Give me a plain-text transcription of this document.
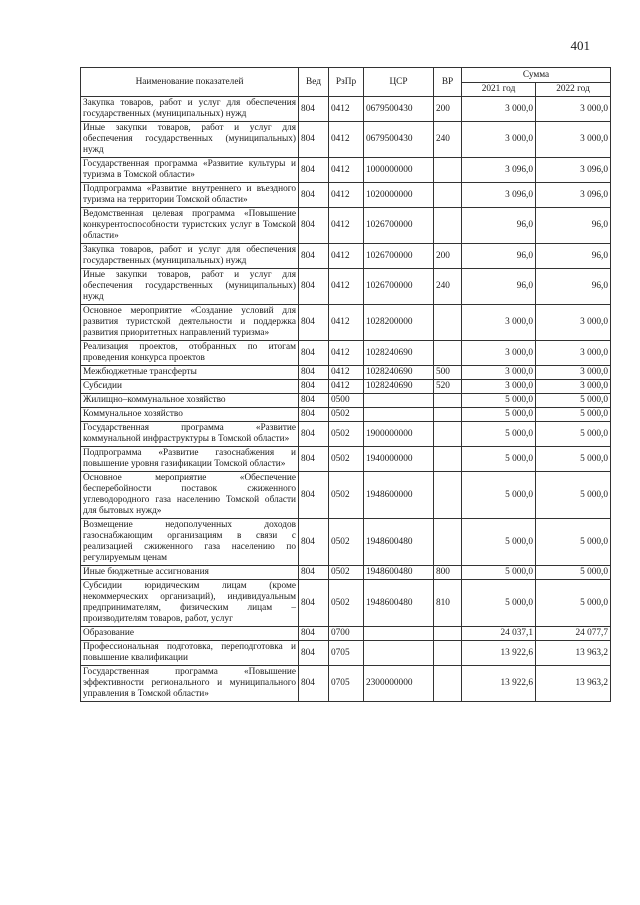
401
Наименование показателей	Вед	РзПр	ЦСР	ВР	Сумма	
					2021 год	2022 год
Закупка товаров, работ и услуг для обеспечения государственных (муниципальных) нужд	804	0412	0679500430	200	3 000,0	3 000,0
Иные закупки товаров, работ и услуг для обеспечения государственных (муниципальных) нужд	804	0412	0679500430	240	3 000,0	3 000,0
Государственная программа «Развитие культуры и туризма в Томской области»	804	0412	1000000000		3 096,0	3 096,0
Подпрограмма «Развитие внутреннего и въездного туризма на территории Томской области»	804	0412	1020000000		3 096,0	3 096,0
Ведомственная целевая программа «Повышение конкурентоспособности туристских услуг в Томской области»	804	0412	1026700000		96,0	96,0
Закупка товаров, работ и услуг для обеспечения государственных (муниципальных) нужд	804	0412	1026700000	200	96,0	96,0
Иные закупки товаров, работ и услуг для обеспечения государственных (муниципальных) нужд	804	0412	1026700000	240	96,0	96,0
Основное мероприятие «Создание условий для развития туристской деятельности и поддержка развития приоритетных направлений туризма»	804	0412	1028200000		3 000,0	3 000,0
Реализация проектов, отобранных по итогам проведения конкурса проектов	804	0412	1028240690		3 000,0	3 000,0
Межбюджетные трансферты	804	0412	1028240690	500	3 000,0	3 000,0
Субсидии	804	0412	1028240690	520	3 000,0	3 000,0
Жилищно–коммунальное хозяйство	804	0500			5 000,0	5 000,0
Коммунальное хозяйство	804	0502			5 000,0	5 000,0
Государственная программа «Развитие коммунальной инфраструктуры в Томской области»	804	0502	1900000000		5 000,0	5 000,0
Подпрограмма «Развитие газоснабжения и повышение уровня газификации Томской области»	804	0502	1940000000		5 000,0	5 000,0
Основное мероприятие «Обеспечение бесперебойности поставок сжиженного углеводородного газа населению Томской области для бытовых нужд»	804	0502	1948600000		5 000,0	5 000,0
Возмещение недополученных доходов газоснабжающим организациям в связи с реализацией сжиженного газа населению по регулируемым ценам	804	0502	1948600480		5 000,0	5 000,0
Иные бюджетные ассигнования	804	0502	1948600480	800	5 000,0	5 000,0
Субсидии юридическим лицам (кроме некоммерческих организаций), индивидуальным предпринимателям, физическим лицам – производителям товаров, работ, услуг	804	0502	1948600480	810	5 000,0	5 000,0
Образование	804	0700			24 037,1	24 077,7
Профессиональная подготовка, переподготовка и повышение квалификации	804	0705			13 922,6	13 963,2
Государственная программа «Повышение эффективности регионального и муниципального управления в Томской области»	804	0705	2300000000		13 922,6	13 963,2
